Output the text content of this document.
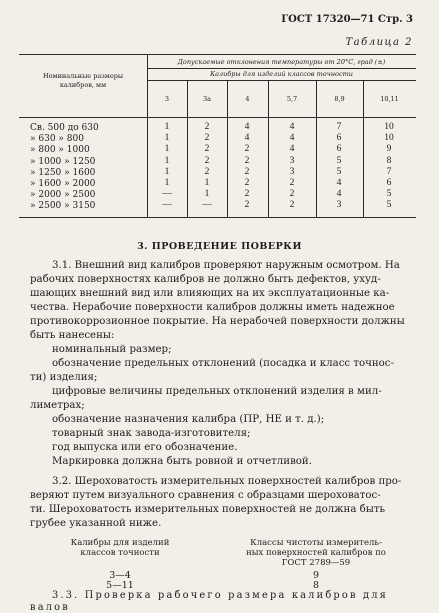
ГОСТ 17320—71 Стр. 3
Таблица 2
Номинальные размеры
калибров, мм
Допускаемые отклонения температуры от 20°С, град (±)
Калибры для изделий классов точности
3	3а	4	5,7	8,9	10,11
Св. 500 до 630	1	2	4	4	7	10
» 630 » 800	1	2	4	4	6	10
» 800 » 1000	1	2	2	4	6	9
» 1000 » 1250	1	2	2	3	5	8
» 1250 » 1600	1	2	2	3	5	7
» 1600 » 2000	1	1	2	2	4	6
» 2000 » 2500	—	1	2	2	4	5
» 2500 » 3150	—	—	2	2	3	5
3. ПРОВЕДЕНИЕ ПОВЕРКИ
3.1. Внешний вид калибров проверяют наружным осмотром. На
рабочих поверхностях калибров не должно быть дефектов, ухуд-
шающих внешний вид или влияющих на их эксплуатационные ка-
чества. Нерабочие поверхности калибров должны иметь надежное
противокоррозионное покрытие. На нерабочей поверхности должны
быть нанесены:
номинальный размер;
обозначение предельных отклонений (посадка и класс точнос-
ти) изделия;
цифровые величины предельных отклонений изделия в мил-
лиметрах;
обозначение назначения калибра (ПР, НЕ и т. д.);
товарный знак завода-изготовителя;
год выпуска или его обозначение.
Маркировка должна быть ровной и отчетливой.
3.2. Шероховатость измерительных поверхностей калибров про-
веряют путем визуального сравнения с образцами шероховатос-
ти. Шероховатость измерительных поверхностей не должна быть
грубее указанной ниже.
Калибры для изделий
классов точности
Классы чистоты измеритель-
ных поверхностей калибров по
ГОСТ 2789—59
3—4	9
5—11	8
3.3. Проверка рабочего размера калибров для
валов
